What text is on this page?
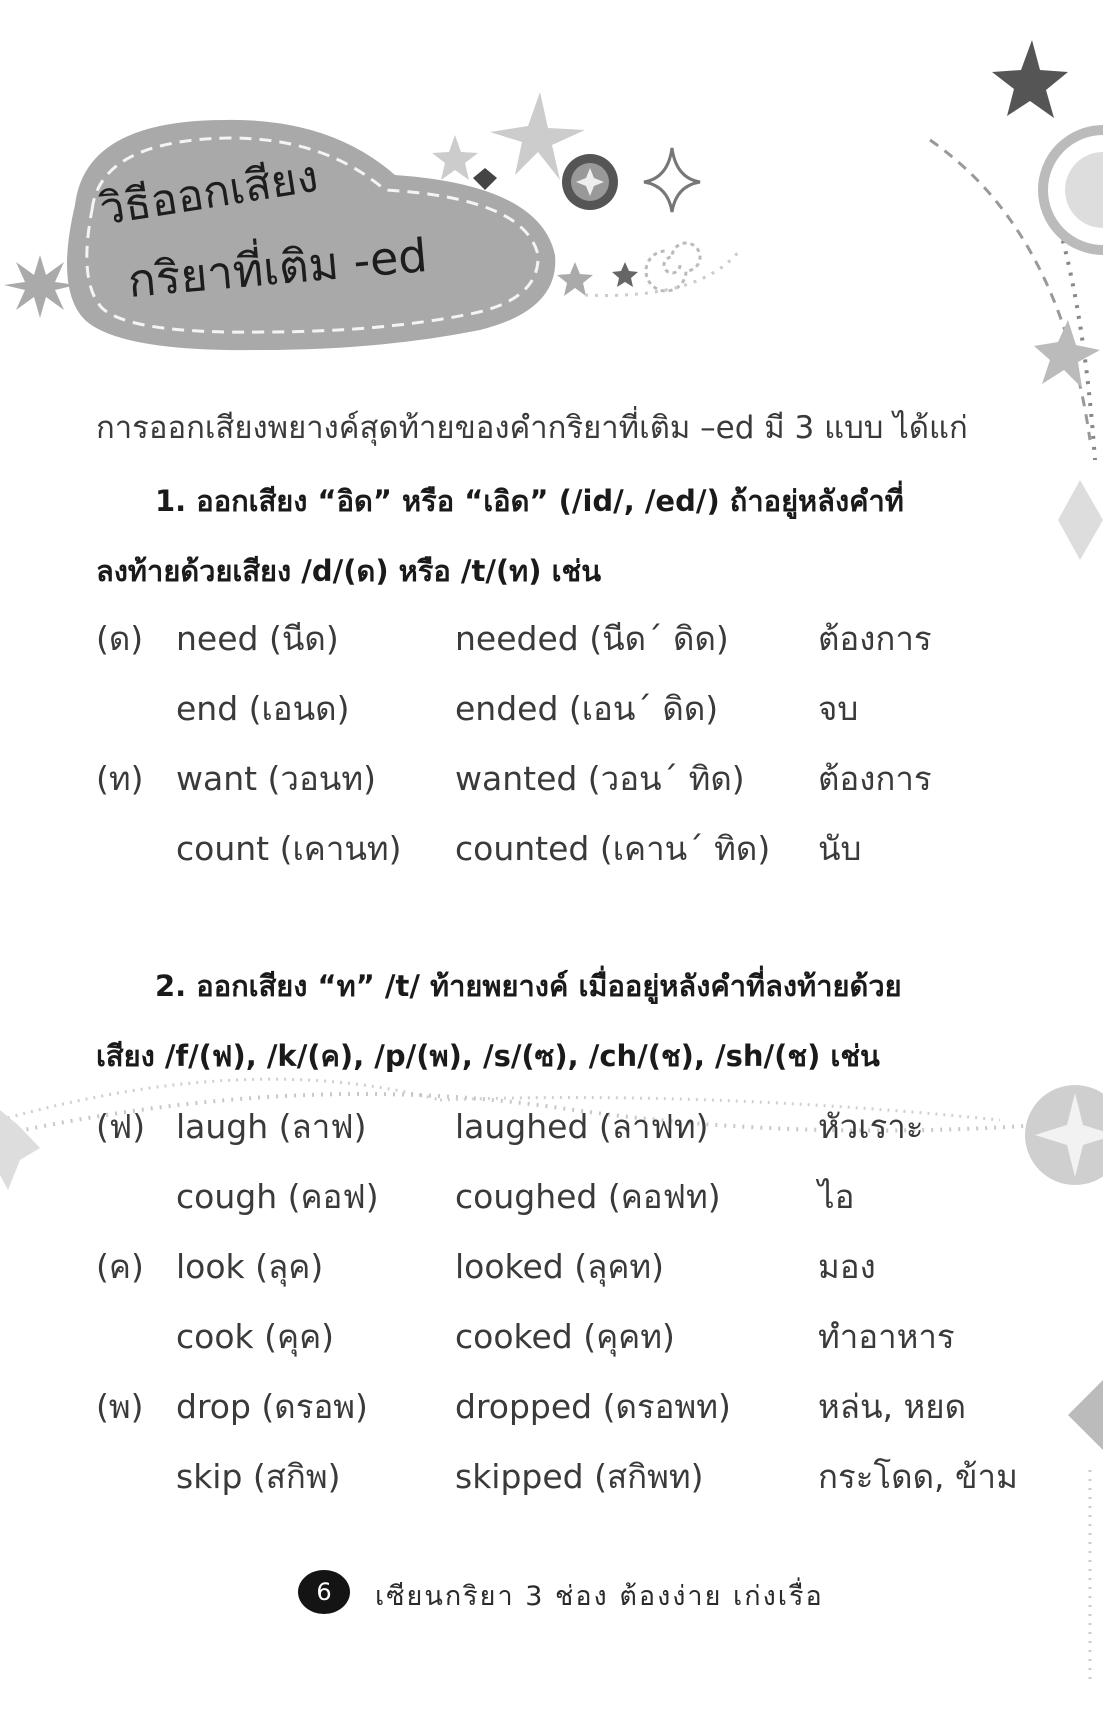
วิธีออกเสียง
กริยาที่เติม -ed
การออกเสียงพยางค์สุดท้ายของคำกริยาที่เติม –ed มี 3 แบบ ได้แก่
1. ออกเสียง “อิด” หรือ “เอิด” (/id/, /ed/) ถ้าอยู่หลังคำที่
ลงท้ายด้วยเสียง /d/(ด) หรือ /t/(ท) เช่น
(ด) need (นีด)	needed (นีด´ ดิด)	ต้องการ
end (เอนด)	ended (เอน´ ดิด)	จบ
(ท) want (วอนท) wanted (วอน´ ทิด) ต้องการ
count (เคานท) counted (เคาน´ ทิด) นับ
2. ออกเสียง “ท” /t/ ท้ายพยางค์ เมื่ออยู่หลังคำที่ลงท้ายด้วย
เสียง /f/(ฟ), /k/(ค), /p/(พ), /s/(ซ), /ch/(ช), /sh/(ช) เช่น
(ฟ) laugh (ลาฟ)	laughed (ลาฟท)	หัวเราะ
cough (คอฟ) coughed (คอฟท)	ไอ
(ค) look (ลุค)	looked (ลุคท)	มอง
cook (คุค)	cooked (คุคท)	ทำอาหาร
(พ) drop (ดรอพ)	dropped (ดรอพท)	หล่น, หยด
skip (สกิพ)	skipped (สกิพท)	กระโดด, ข้าม
6	เซียนกริยา 3 ช่อง ต้องง่าย เก่งเรื่อ
